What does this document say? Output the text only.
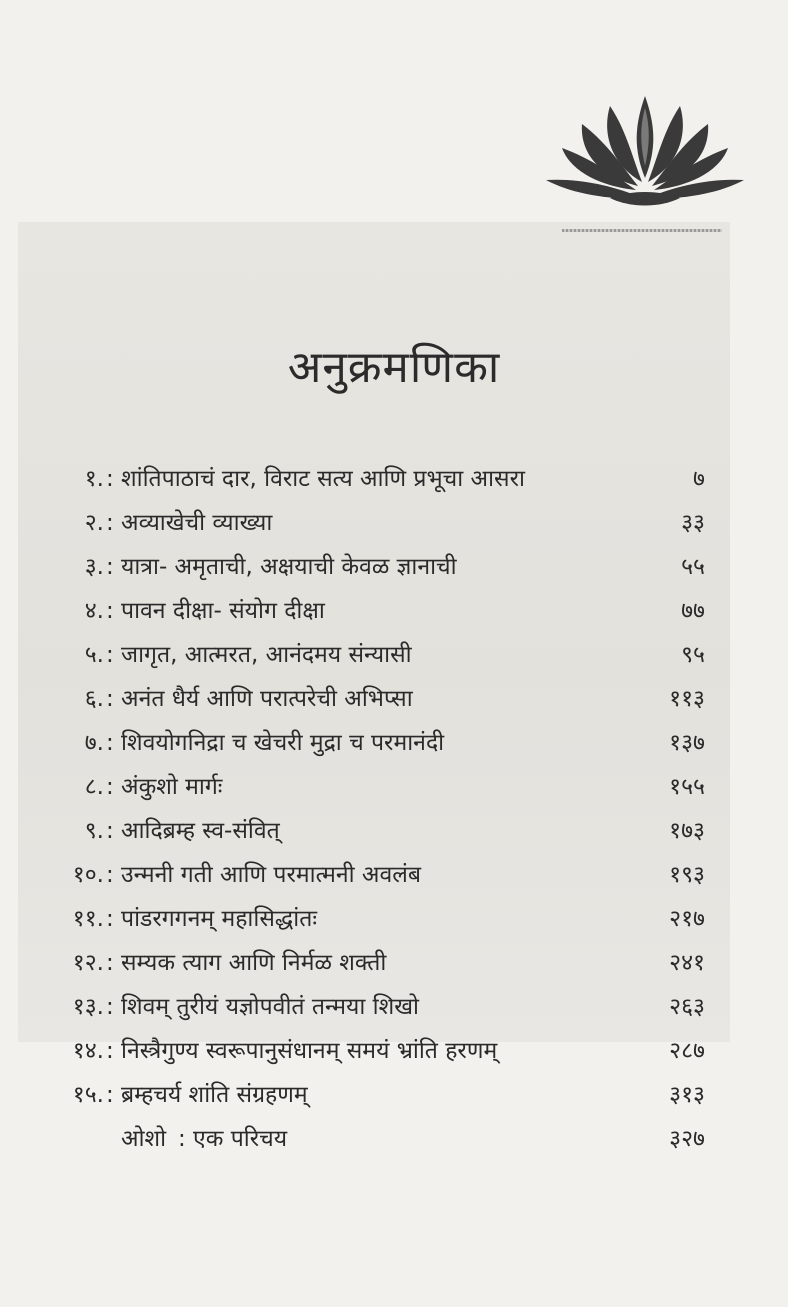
अनुक्रमणिका
१. : शांतिपाठाचं दार, विराट सत्य आणि प्रभूचा आसरा	७
२. : अव्याखेची व्याख्या	३३
३. : यात्रा- अमृताची, अक्षयाची केवळ ज्ञानाची	५५
४. : पावन दीक्षा- संयोग दीक्षा	७७
५. : जागृत, आत्मरत, आनंदमय संन्यासी	९५
६. : अनंत धैर्य आणि परात्परेची अभिप्सा	११३
७. : शिवयोगनिद्रा च खेचरी मुद्रा च परमानंदी	१३७
८. : अंकुशो मार्गः	१५५
९. : आदिब्रम्ह स्व-संवित्	१७३
१०. : उन्मनी गती आणि परमात्मनी अवलंब	१९३
११. : पांडरगगनम् महासिद्धांतः	२१७
१२. : सम्यक त्याग आणि निर्मळ शक्ती	२४१
१३. : शिवम् तुरीयं यज्ञोपवीतं तन्मया शिखो	२६३
१४. : निस्त्रैगुण्य स्वरूपानुसंधानम् समयं भ्रांति हरणम्	२८७
१५. : ब्रम्हचर्य शांति संग्रहणम्	३१३
ओशो : एक परिचय	३२७
